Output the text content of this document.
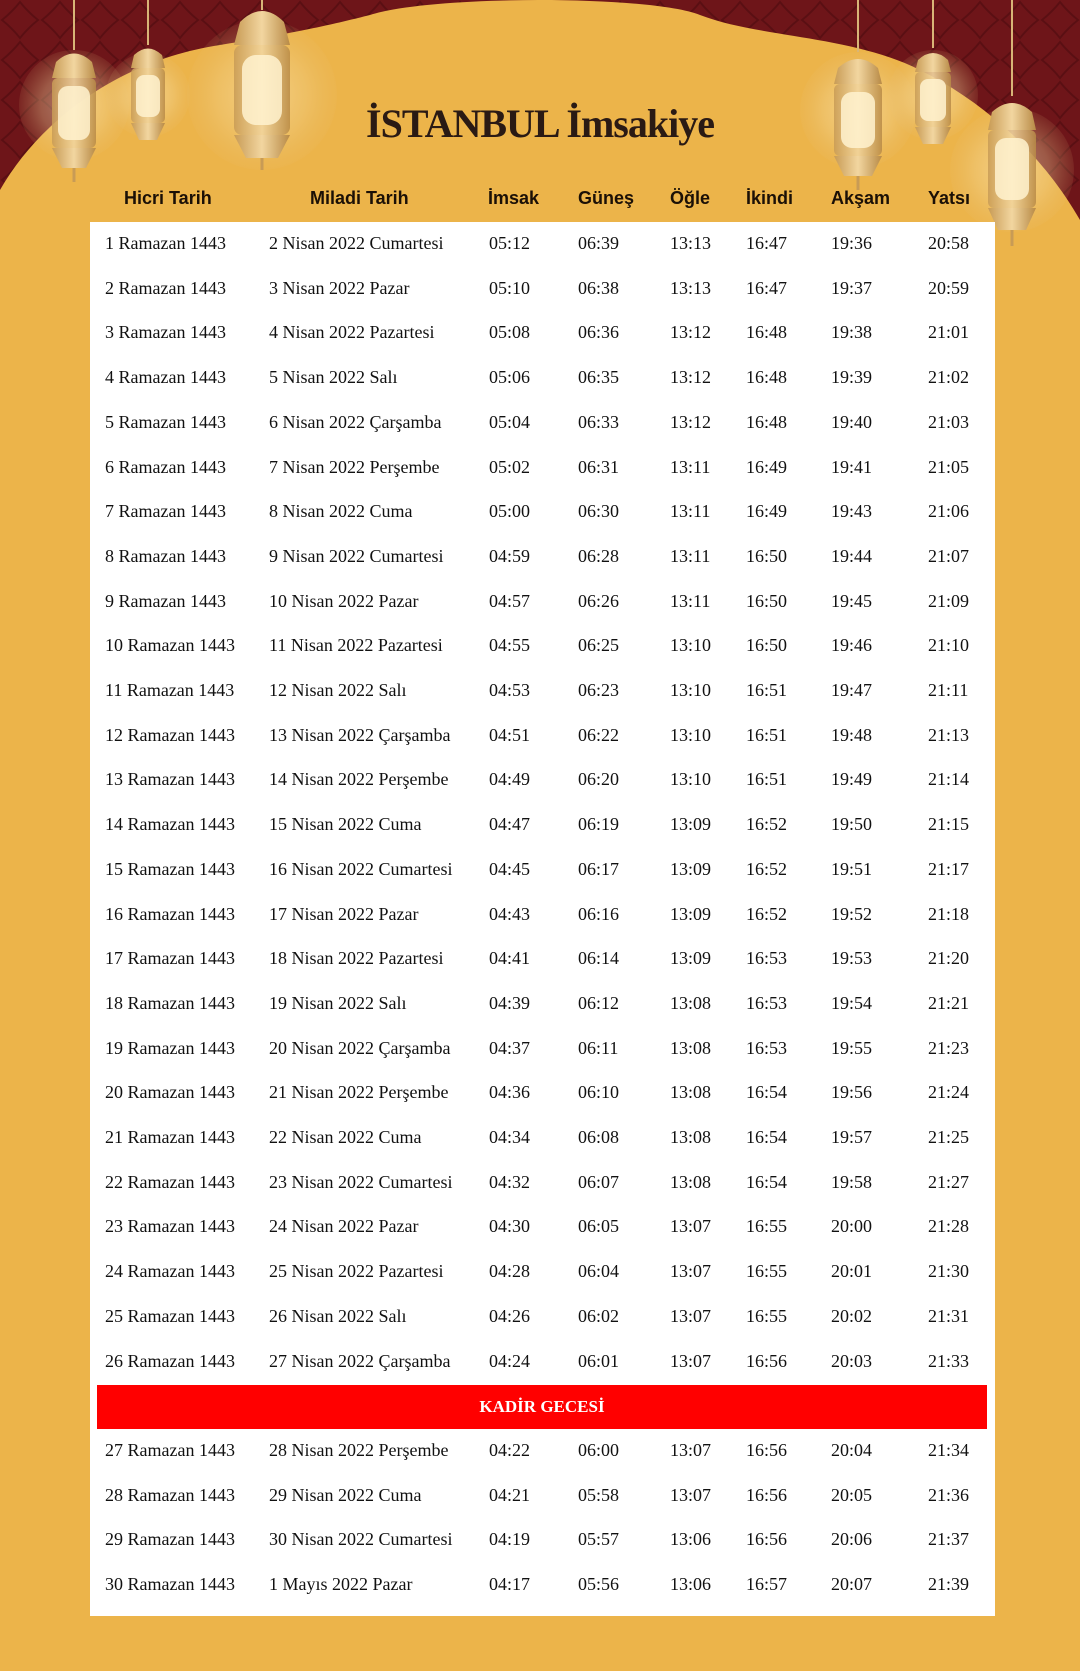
İSTANBUL İmsakiye
Hicri Tarih	Miladi Tarih	İmsak Güneş Öğle İkindi Akşam Yatsı
1 Ramazan 1443 2 Nisan 2022 Cumartesi	05:12	06:39	13:13 16:47 19:36	20:58
2 Ramazan 1443 3 Nisan 2022 Pazar	05:10	06:38	13:13 16:47 19:37	20:59
3 Ramazan 1443 4 Nisan 2022 Pazartesi	05:08	06:36	13:12 16:48 19:38	21:01
4 Ramazan 1443 5 Nisan 2022 Salı	05:06	06:35	13:12 16:48 19:39	21:02
5 Ramazan 1443 6 Nisan 2022 Çarşamba	05:04	06:33	13:12 16:48 19:40	21:03
6 Ramazan 1443 7 Nisan 2022 Perşembe	05:02	06:31	13:11 16:49 19:41	21:05
7 Ramazan 1443 8 Nisan 2022 Cuma	05:00	06:30	13:11 16:49 19:43	21:06
8 Ramazan 1443 9 Nisan 2022 Cumartesi	04:59	06:28	13:11 16:50 19:44	21:07
9 Ramazan 1443 10 Nisan 2022 Pazar	04:57	06:26	13:11 16:50 19:45	21:09
10 Ramazan 1443 11 Nisan 2022 Pazartesi	04:55	06:25	13:10 16:50 19:46	21:10
11 Ramazan 1443 12 Nisan 2022 Salı	04:53	06:23	13:10 16:51 19:47	21:11
12 Ramazan 1443 13 Nisan 2022 Çarşamba 04:51	06:22	13:10 16:51 19:48	21:13
13 Ramazan 1443 14 Nisan 2022 Perşembe 04:49	06:20	13:10 16:51 19:49	21:14
14 Ramazan 1443 15 Nisan 2022 Cuma	04:47	06:19	13:09 16:52 19:50	21:15
15 Ramazan 1443 16 Nisan 2022 Cumartesi 04:45	06:17	13:09 16:52 19:51	21:17
16 Ramazan 1443 17 Nisan 2022 Pazar	04:43	06:16	13:09 16:52 19:52	21:18
17 Ramazan 1443 18 Nisan 2022 Pazartesi	04:41	06:14	13:09 16:53 19:53	21:20
18 Ramazan 1443 19 Nisan 2022 Salı	04:39	06:12	13:08 16:53 19:54	21:21
19 Ramazan 1443 20 Nisan 2022 Çarşamba 04:37	06:11	13:08 16:53 19:55	21:23
20 Ramazan 1443 21 Nisan 2022 Perşembe 04:36	06:10	13:08 16:54 19:56	21:24
21 Ramazan 1443 22 Nisan 2022 Cuma	04:34	06:08	13:08 16:54 19:57	21:25
22 Ramazan 1443 23 Nisan 2022 Cumartesi 04:32	06:07	13:08 16:54 19:58	21:27
23 Ramazan 1443 24 Nisan 2022 Pazar	04:30	06:05	13:07 16:55 20:00	21:28
24 Ramazan 1443 25 Nisan 2022 Pazartesi	04:28	06:04	13:07 16:55 20:01	21:30
25 Ramazan 1443 26 Nisan 2022 Salı	04:26	06:02	13:07 16:55 20:02	21:31
26 Ramazan 1443 27 Nisan 2022 Çarşamba 04:24	06:01	13:07 16:56 20:03	21:33
KADİR GECESİ
27 Ramazan 1443 28 Nisan 2022 Perşembe 04:22	06:00	13:07 16:56 20:04	21:34
28 Ramazan 1443 29 Nisan 2022 Cuma	04:21	05:58	13:07 16:56 20:05	21:36
29 Ramazan 1443 30 Nisan 2022 Cumartesi 04:19	05:57	13:06 16:56 20:06	21:37
30 Ramazan 1443 1 Mayıs 2022 Pazar	04:17	05:56	13:06 16:57 20:07	21:39
